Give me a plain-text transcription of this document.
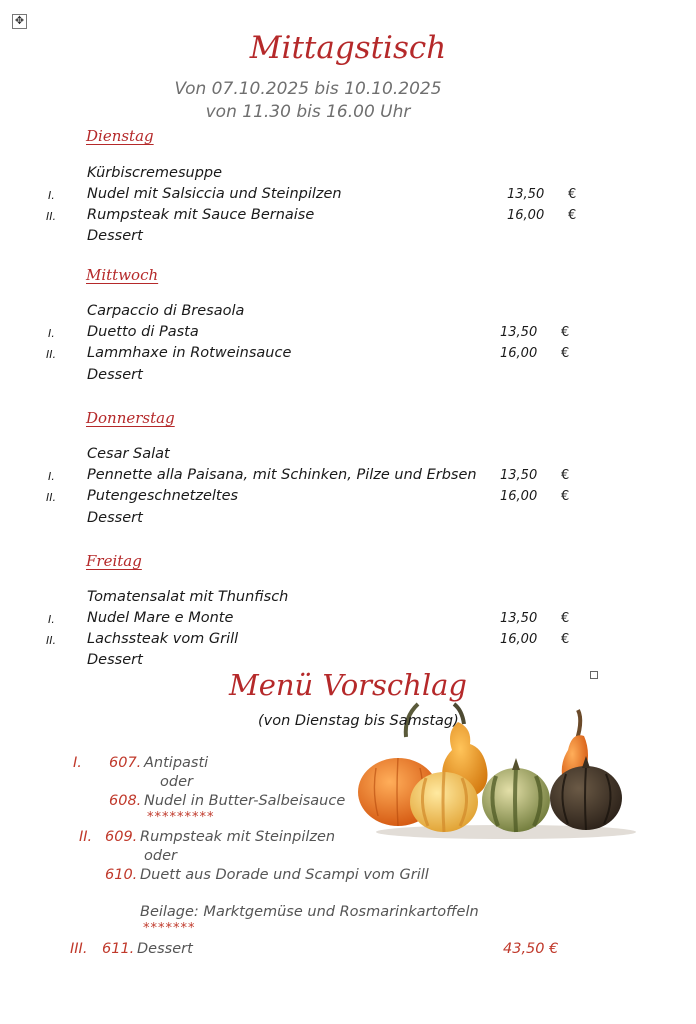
✥
Mittagstisch
Von 07.10.2025 bis 10.10.2025
von 11.30 bis 16.00 Uhr
Dienstag
Kürbiscremesuppe
I. Nudel mit Salsiccia und Steinpilzen	13,50 €
II. Rumpsteak mit Sauce Bernaise	16,00 €
Dessert
Mittwoch
Carpaccio di Bresaola
I. Duetto di Pasta	13,50 €
II. Lammhaxe in Rotweinsauce	16,00 €
Dessert
Donnerstag
Cesar Salat
I. Pennette alla Paisana, mit Schinken, Pilze und Erbsen 13,50 €
II. Putengeschnetzeltes	16,00 €
Dessert
Freitag
Tomatensalat mit Thunfisch
I. Nudel Mare e Monte	13,50 €
II. Lachssteak vom Grill	16,00 €
Dessert
Menü Vorschlag
(von Dienstag bis Samstag)
I. 607. Antipasti
oder
608. Nudel in Butter-Salbeisauce
*********
II. 609. Rumpsteak mit Steinpilzen
oder
610. Duett aus Dorade und Scampi vom Grill
Beilage: Marktgemüse und Rosmarinkartoffeln
*******
III. 611. Dessert	43,50 €
